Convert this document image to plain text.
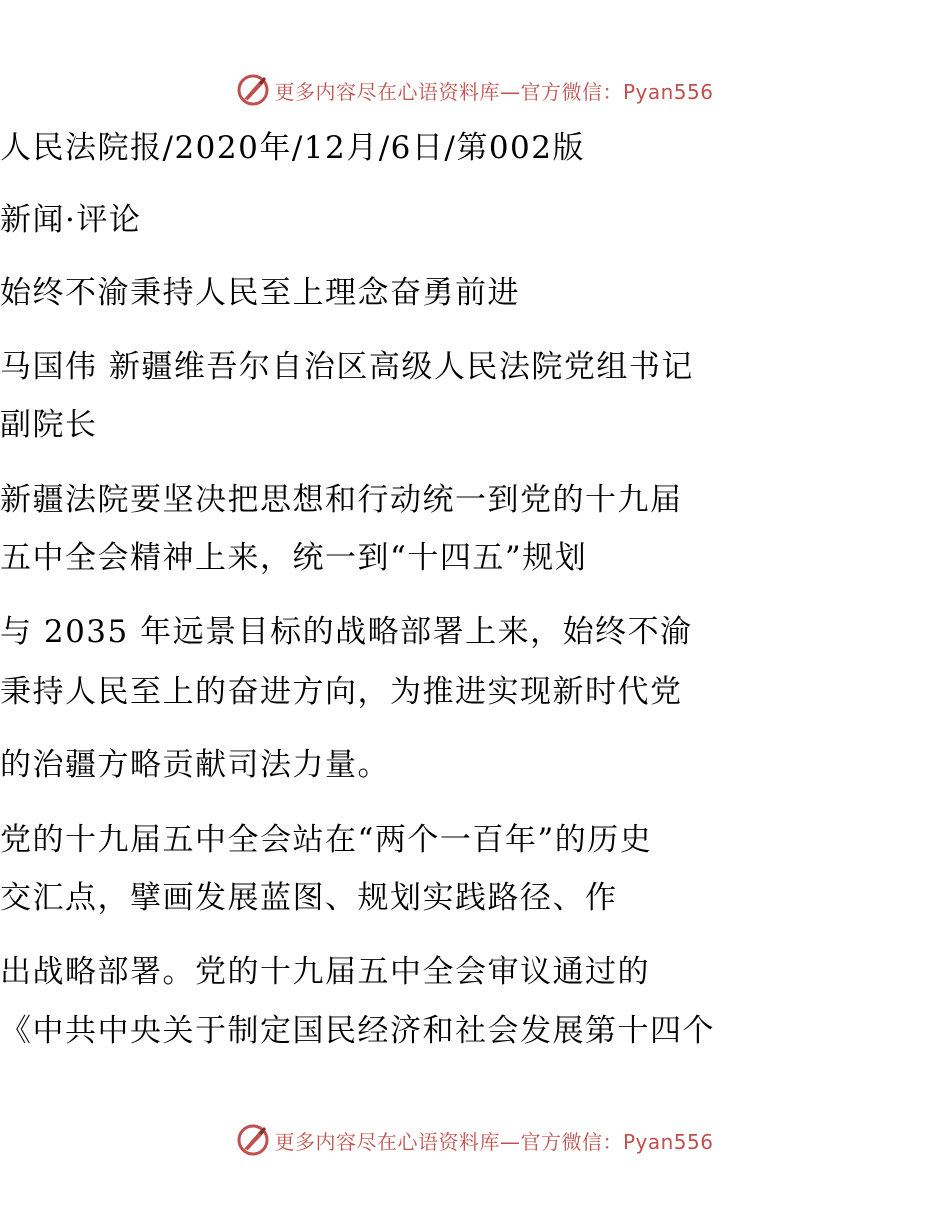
更多内容尽在心语资料库—官方微信：Pyan556
人民法院报/2020年/12月/6日/第002版
新闻·评论
始终不渝秉持人民至上理念奋勇前进
马国伟 新疆维吾尔自治区高级人民法院党组书记
副院长
新疆法院要坚决把思想和行动统一到党的十九届
五中全会精神上来，统一到“十四五”规划
与 2035 年远景目标的战略部署上来，始终不渝
秉持人民至上的奋进方向，为推进实现新时代党
的治疆方略贡献司法力量。
党的十九届五中全会站在“两个一百年”的历史
交汇点，擘画发展蓝图、规划实践路径、作
出战略部署。党的十九届五中全会审议通过的
《中共中央关于制定国民经济和社会发展第十四个
更多内容尽在心语资料库—官方微信：Pyan556
